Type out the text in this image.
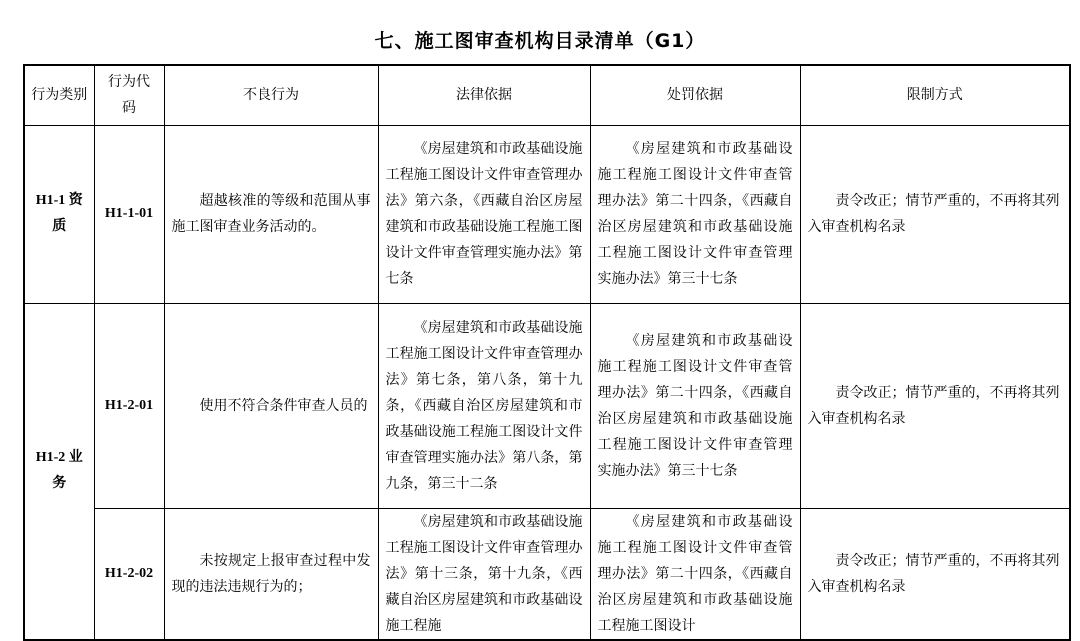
七、施工图审查机构目录清单（G1）
行为类别	行为代码	不良行为	法律依据	处罚依据	限制方式
H1-1 资质	H1-1-01	超越核准的等级和范围从事施工图审查业务活动的。	《房屋建筑和市政基础设施工程施工图设计文件审查管理办法》第六条，《西藏自治区房屋建筑和市政基础设施工程施工图设计文件审查管理实施办法》第七条	《房屋建筑和市政基础设施工程施工图设计文件审查管理办法》第二十四条，《西藏自治区房屋建筑和市政基础设施工程施工图设计文件审查管理实施办法》第三十七条	责令改正；情节严重的，不再将其列入审查机构名录
H1-2 业务	H1-2-01	使用不符合条件审查人员的	《房屋建筑和市政基础设施工程施工图设计文件审查管理办法》第七条，第八条，第十九条，《西藏自治区房屋建筑和市政基础设施工程施工图设计文件审查管理实施办法》第八条，第九条，第三十二条	《房屋建筑和市政基础设施工程施工图设计文件审查管理办法》第二十四条，《西藏自治区房屋建筑和市政基础设施工程施工图设计文件审查管理实施办法》第三十七条	责令改正；情节严重的，不再将其列入审查机构名录
	H1-2-02	未按规定上报审查过程中发现的违法违规行为的；	《房屋建筑和市政基础设施工程施工图设计文件审查管理办法》第十三条，第十九条，《西藏自治区房屋建筑和市政基础设施工程施	《房屋建筑和市政基础设施工程施工图设计文件审查管理办法》第二十四条，《西藏自治区房屋建筑和市政基础设施工程施工图设计	责令改正；情节严重的，不再将其列入审查机构名录
